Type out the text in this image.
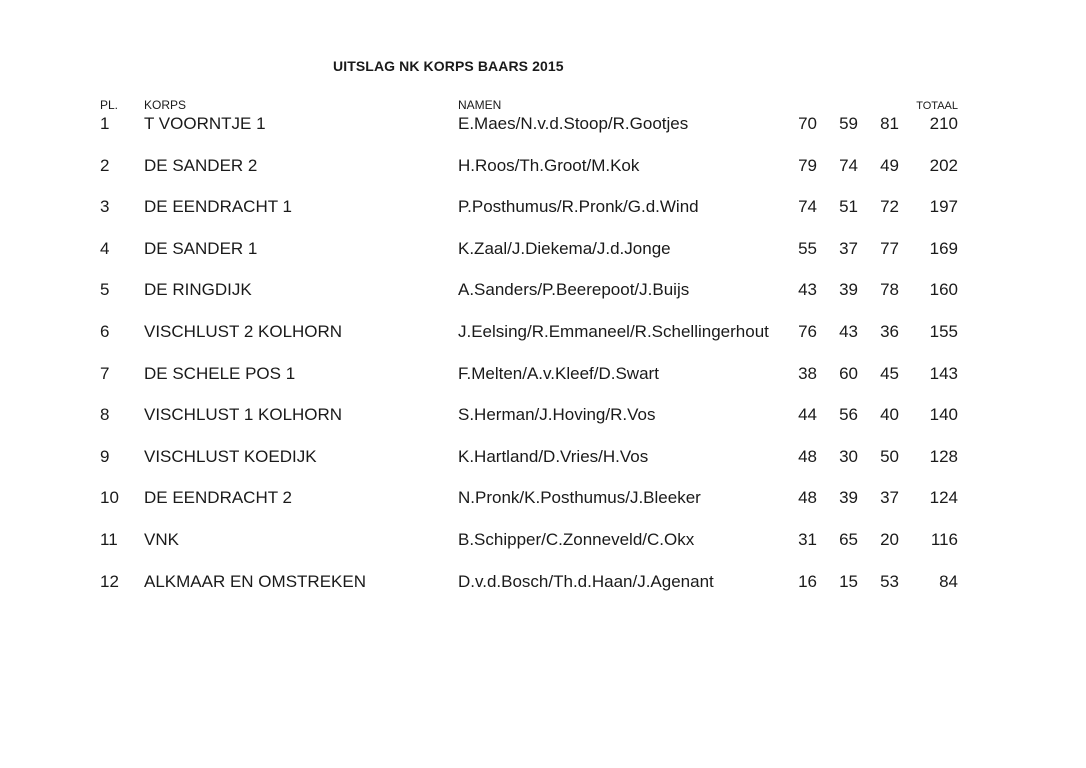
UITSLAG NK KORPS BAARS 2015
PL. KORPS	NAMEN	TOTAAL
1 T VOORNTJE 1	E.Maes/N.v.d.Stoop/R.Gootjes	70	59	81	210
2 DE SANDER 2	H.Roos/Th.Groot/M.Kok	79	74	49	202
3 DE EENDRACHT 1	P.Posthumus/R.Pronk/G.d.Wind	74	51	72	197
4 DE SANDER 1	K.Zaal/J.Diekema/J.d.Jonge	55	37	77	169
5 DE RINGDIJK	A.Sanders/P.Beerepoot/J.Buijs	43	39	78	160
6 VISCHLUST 2 KOLHORN	J.Eelsing/R.Emmaneel/R.Schellingerhout	76	43	36	155
7 DE SCHELE POS 1	F.Melten/A.v.Kleef/D.Swart	38	60	45	143
8 VISCHLUST 1 KOLHORN	S.Herman/J.Hoving/R.Vos	44	56	40	140
9 VISCHLUST KOEDIJK	K.Hartland/D.Vries/H.Vos	48	30	50	128
10 DE EENDRACHT 2	N.Pronk/K.Posthumus/J.Bleeker	48	39	37	124
11 VNK	B.Schipper/C.Zonneveld/C.Okx	31	65	20	116
12 ALKMAAR EN OMSTREKEN	D.v.d.Bosch/Th.d.Haan/J.Agenant	16	15	53	84
